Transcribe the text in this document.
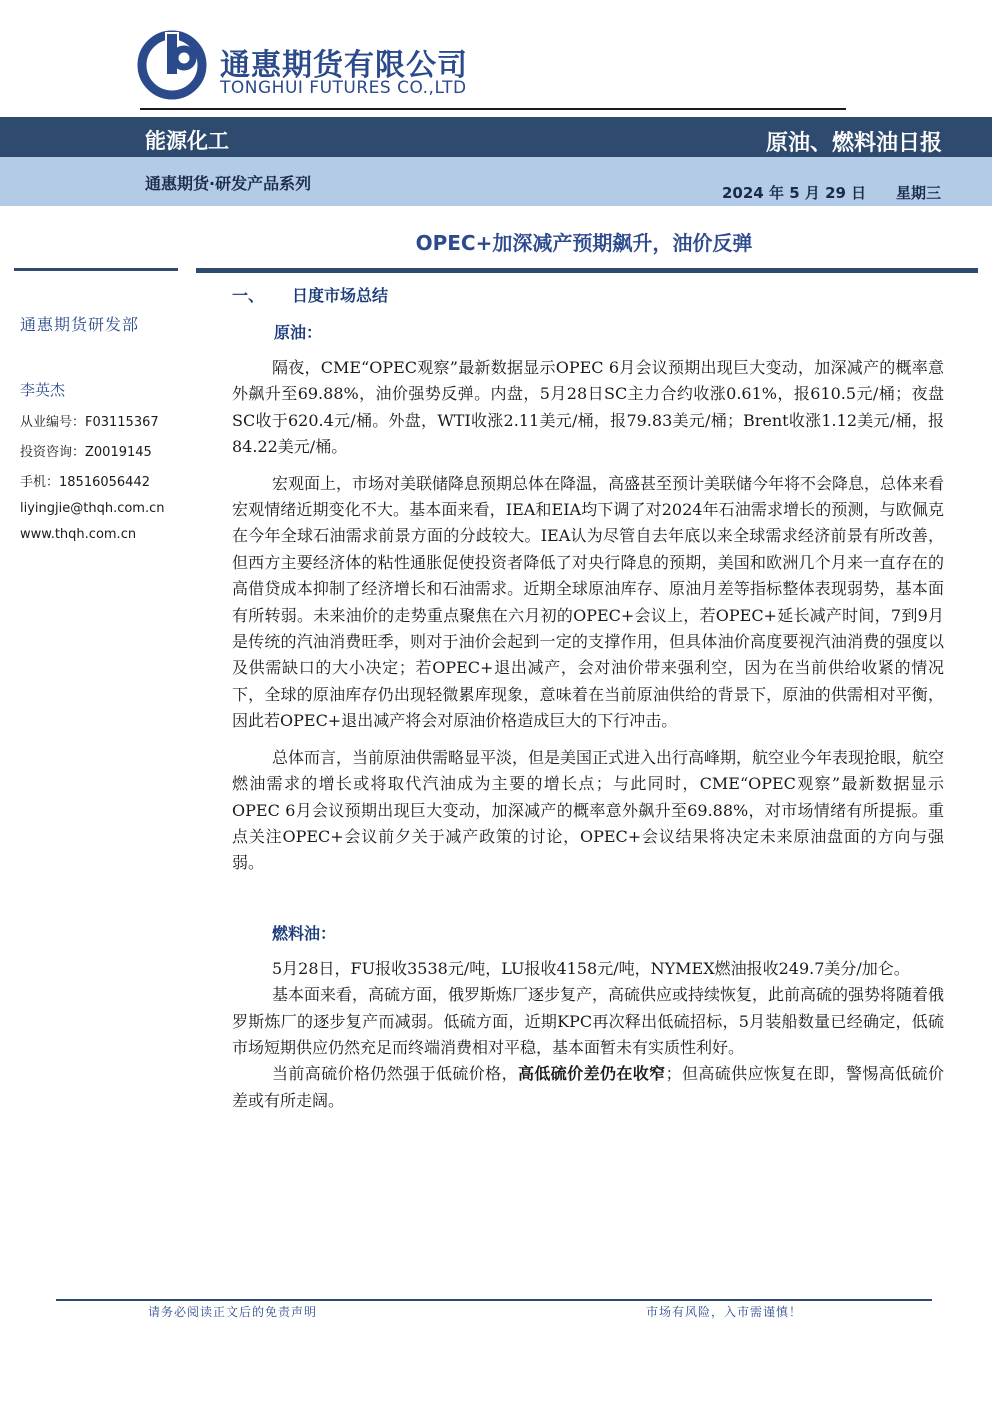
通惠期货有限公司
TONGHUI FUTURES CO.,LTD
能源化工	原油、燃料油日报
通惠期货·研发产品系列	2024 年 5 月 29 日 星期三
OPEC+加深减产预期飙升，油价反弹
通惠期货研发部
李英杰
从业编号：F03115367
投资咨询：Z0019145
手机：18516056442
liyingjie@thqh.com.cn
www.thqh.com.cn
一、 日度市场总结
原油：

隔夜，CME“OPEC观察”最新数据显示OPEC 6月会议预期出现巨大变动，加深减产的概率意外飙升至69.88%，油价强势反弹。内盘，5月28日SC主力合约收涨0.61%，报610.5元/桶；夜盘SC收于620.4元/桶。外盘，WTI收涨2.11美元/桶，报79.83美元/桶；Brent收涨1.12美元/桶，报84.22美元/桶。

宏观面上，市场对美联储降息预期总体在降温，高盛甚至预计美联储今年将不会降息，总体来看宏观情绪近期变化不大。基本面来看，IEA和EIA均下调了对2024年石油需求增长的预测，与欧佩克在今年全球石油需求前景方面的分歧较大。IEA认为尽管自去年底以来全球需求经济前景有所改善，但西方主要经济体的粘性通胀促使投资者降低了对央行降息的预期，美国和欧洲几个月来一直存在的高借贷成本抑制了经济增长和石油需求。近期全球原油库存、原油月差等指标整体表现弱势，基本面有所转弱。未来油价的走势重点聚焦在六月初的OPEC+会议上，若OPEC+延长减产时间，7到9月是传统的汽油消费旺季，则对于油价会起到一定的支撑作用，但具体油价高度要视汽油消费的强度以及供需缺口的大小决定；若OPEC+退出减产，会对油价带来强利空，因为在当前供给收紧的情况下，全球的原油库存仍出现轻微累库现象，意味着在当前原油供给的背景下，原油的供需相对平衡，因此若OPEC+退出减产将会对原油价格造成巨大的下行冲击。

总体而言，当前原油供需略显平淡，但是美国正式进入出行高峰期，航空业今年表现抢眼，航空燃油需求的增长或将取代汽油成为主要的增长点；与此同时，CME“OPEC观察”最新数据显示OPEC 6月会议预期出现巨大变动，加深减产的概率意外飙升至69.88%，对市场情绪有所提振。重点关注OPEC+会议前夕关于减产政策的讨论，OPEC+会议结果将决定未来原油盘面的方向与强弱。

燃料油：

5月28日，FU报收3538元/吨，LU报收4158元/吨，NYMEX燃油报收249.7美分/加仑。

基本面来看，高硫方面，俄罗斯炼厂逐步复产，高硫供应或持续恢复，此前高硫的强势将随着俄罗斯炼厂的逐步复产而减弱。低硫方面，近期KPC再次释出低硫招标，5月装船数量已经确定，低硫市场短期供应仍然充足而终端消费相对平稳，基本面暂未有实质性利好。

当前高硫价格仍然强于低硫价格，高低硫价差仍在收窄；但高硫供应恢复在即，警惕高低硫价差或有所走阔。

请务必阅读正文后的免责声明	市场有风险，入市需谨慎！
